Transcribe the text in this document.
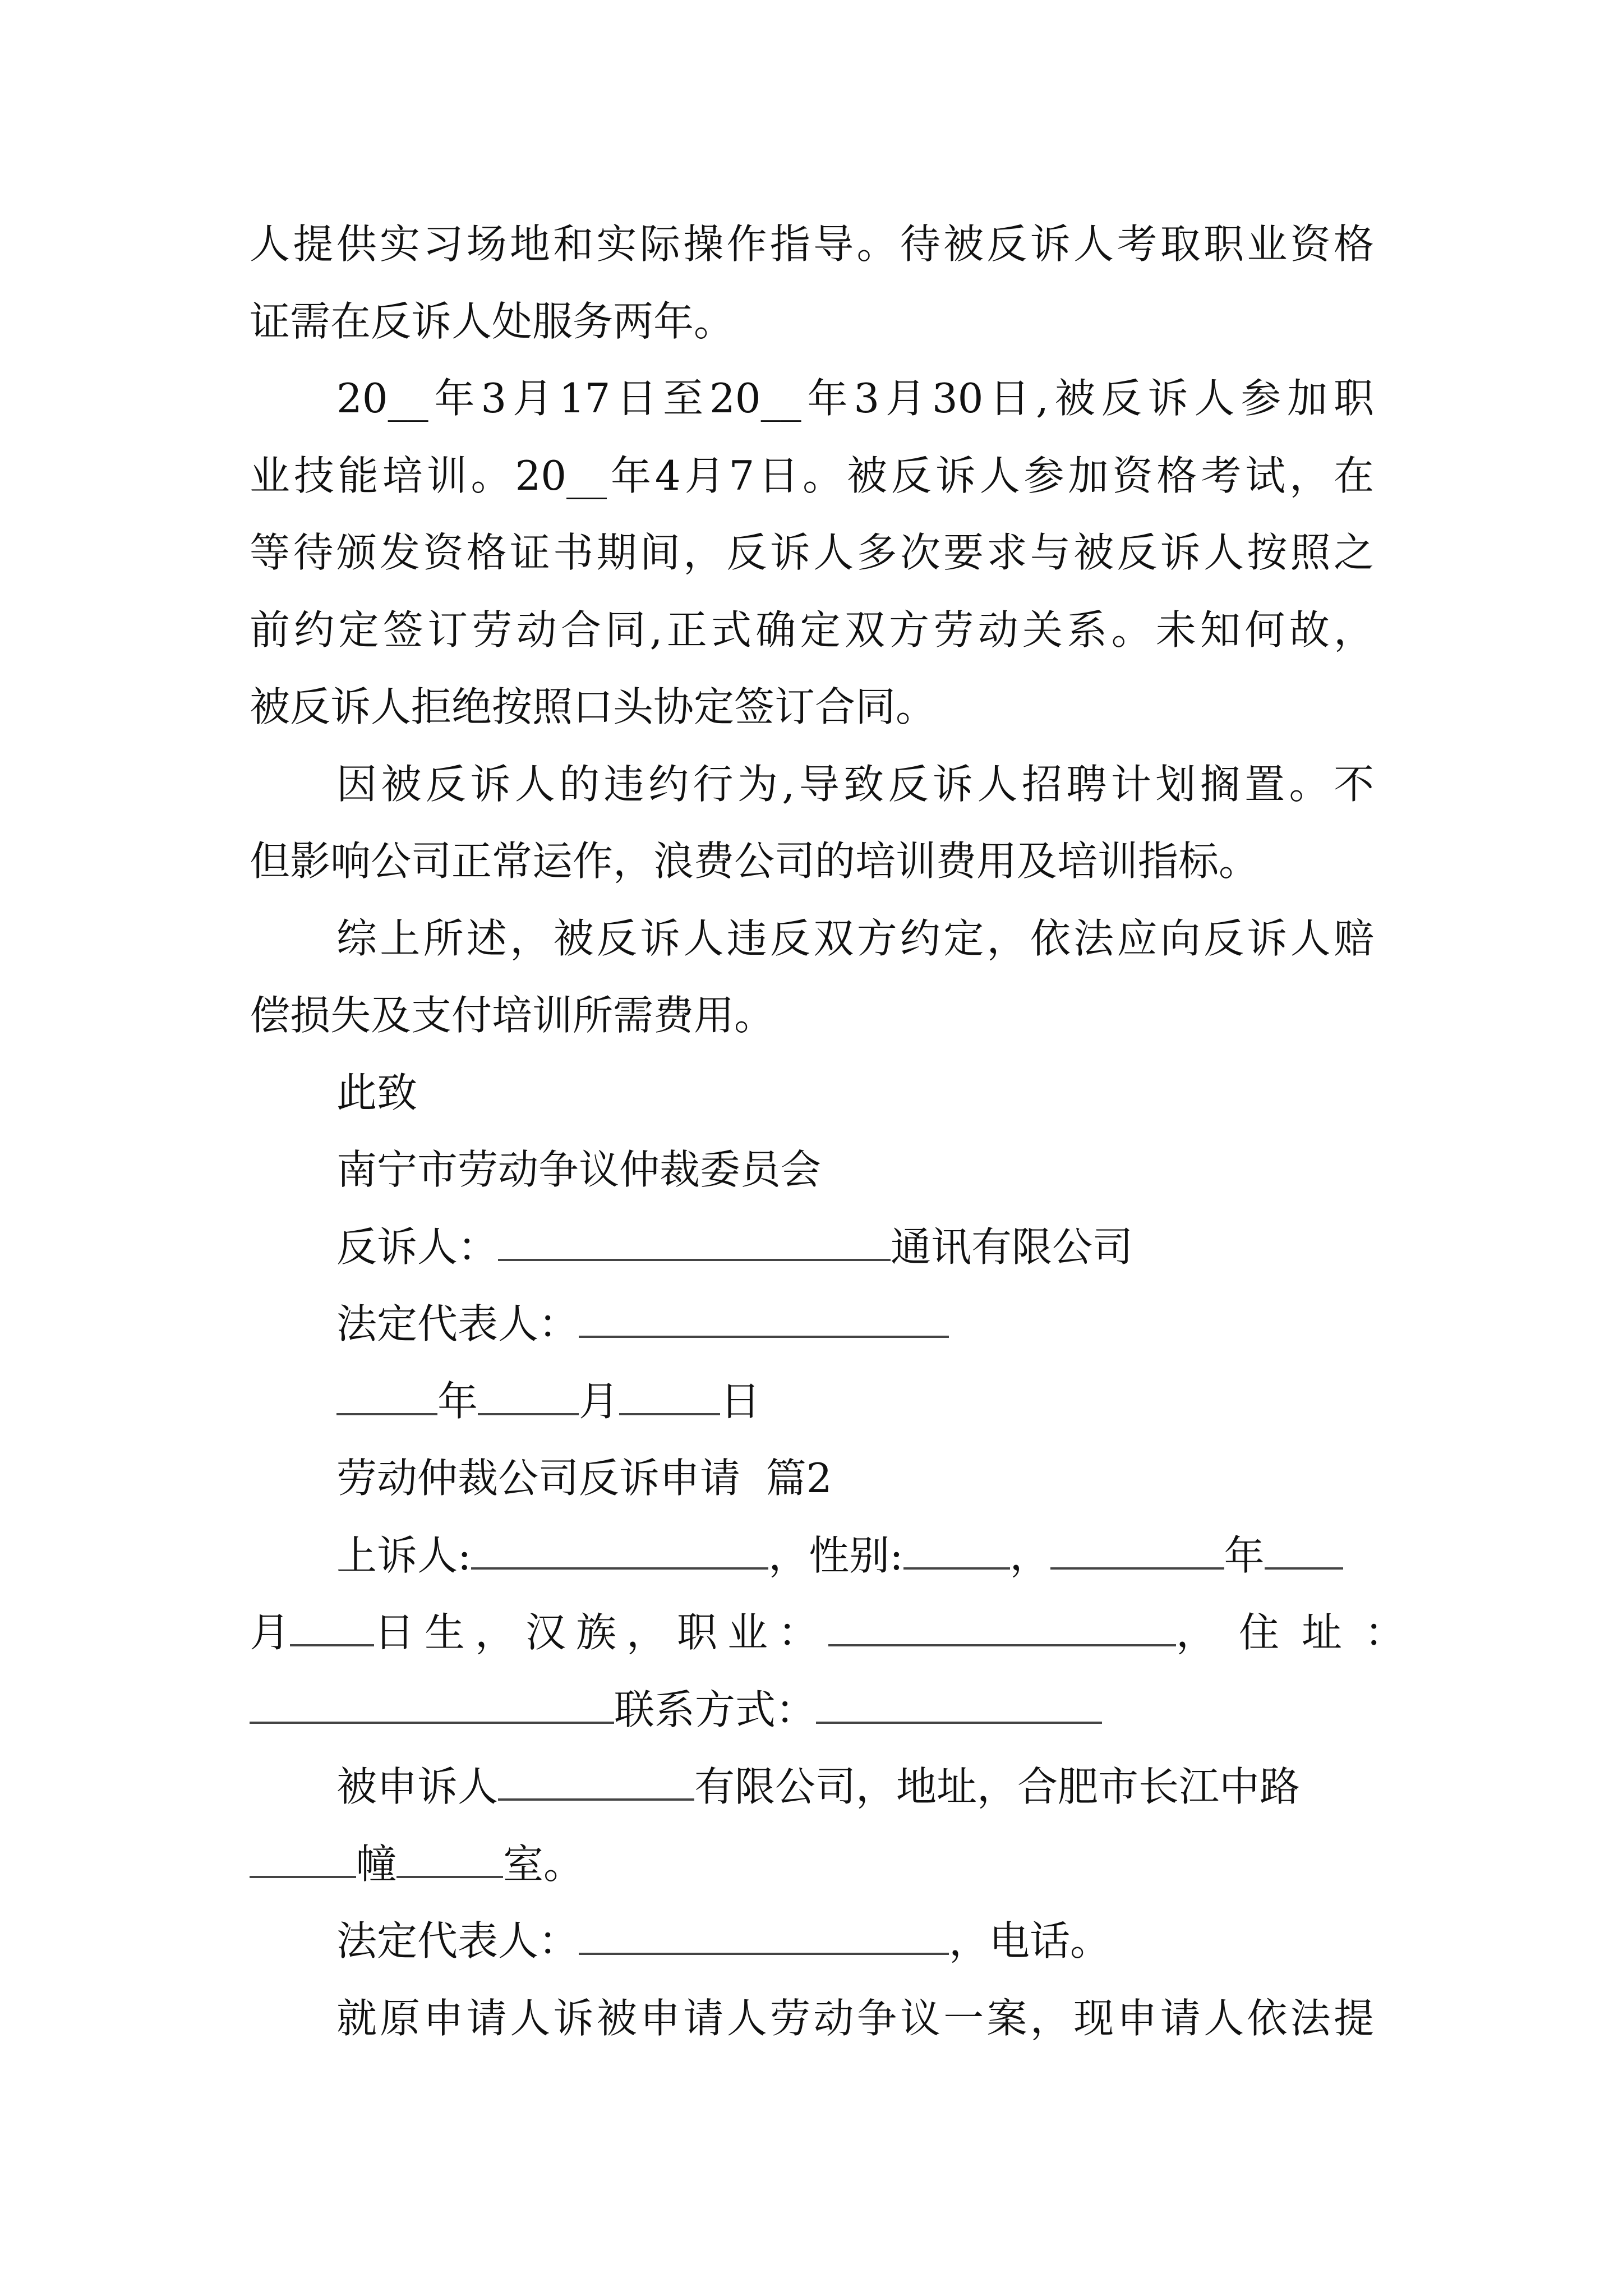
人提供实习场地和实际操作指导。待被反诉人考取职业资格
证需在反诉人处服务两年。
20__年3月17日至20__年3月30日,被反诉人参加职
业技能培训。20__年4月7日。被反诉人参加资格考试，在
等待颁发资格证书期间，反诉人多次要求与被反诉人按照之
前约定签订劳动合同,正式确定双方劳动关系。未知何故，
被反诉人拒绝按照口头协定签订合同。
因被反诉人的违约行为,导致反诉人招聘计划搁置。不
但影响公司正常运作，浪费公司的培训费用及培训指标。
综上所述，被反诉人违反双方约定，依法应向反诉人赔
偿损失及支付培训所需费用。
此致
南宁市劳动争议仲裁委员会
反诉人：	通讯有限公司
法定代表人：
年	月	日
劳动仲裁公司反诉申请  篇2
上诉人:	，性别:	，	年
月 日生，汉族，职业：	，住址：
联系方式：
被申诉人	有限公司，地址，合肥市长江中路
幢	室。
法定代表人：	，电话。
就原申请人诉被申请人劳动争议一案，现申请人依法提
